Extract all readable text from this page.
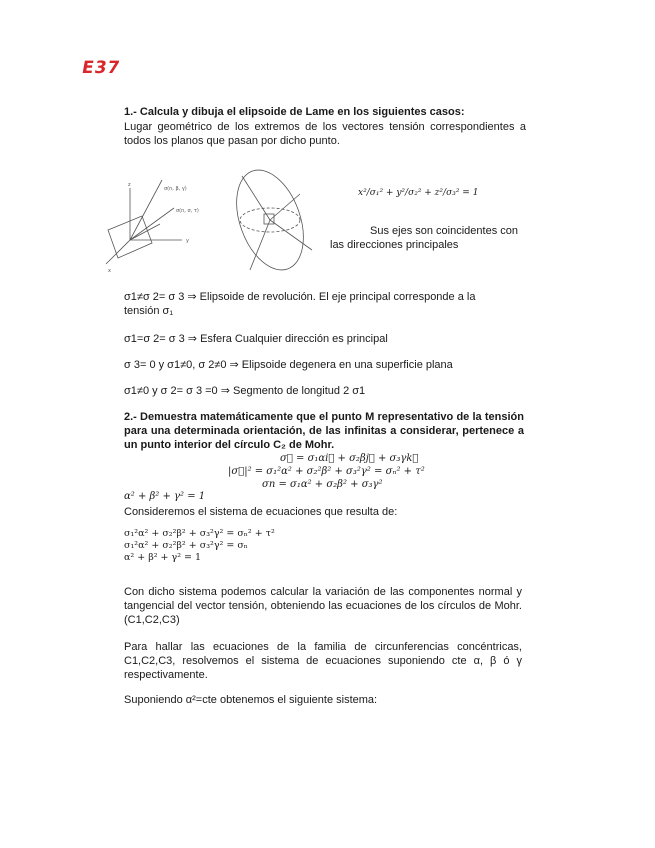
E37
1.- Calcula y dibuja el elipsoide de Lame en los siguientes casos:
Lugar geométrico de los extremos de los vectores tensión correspondientes a todos los planos que pasan por dicho punto.
σ(n, β, γ)
σ(n, σ, τ)
x
y
z
x²/σ₁² + y²/σ₂² + z²/σ₃² = 1
Sus ejes son coincidentes con las direcciones principales
σ1≠σ 2= σ 3 ⇒ Elipsoide de revolución. El eje principal corresponde a la tensión σ₁
σ1=σ 2= σ 3 ⇒ Esfera Cualquier dirección es principal
σ 3= 0 y σ1≠0, σ 2≠0 ⇒ Elipsoide degenera en una superficie plana
σ1≠0 y σ 2= σ 3 =0 ⇒ Segmento de longitud 2 σ1
2.- Demuestra matemáticamente que el punto M representativo de la tensión para una determinada orientación, de las infinitas a considerar, pertenece a un punto interior del círculo C₂ de Mohr.
σ⃗ = σ₁αi⃗ + σ₂βj⃗ + σ₃γk⃗
|σ⃗|² = σ₁²α² + σ₂²β² + σ₃²γ² = σₙ² + τ²
σn = σ₁α² + σ₂β² + σ₃γ²
α² + β² + γ² = 1
Consideremos el sistema de ecuaciones que resulta de:
σ₁²α² + σ₂²β² + σ₃²γ² = σₙ² + τ²
σ₁²α² + σ₂²β² + σ₃²γ² = σₙ
α² + β² + γ² = 1
Con dicho sistema podemos calcular la variación de las componentes normal y tangencial del vector tensión, obteniendo las ecuaciones de los círculos de Mohr. (C1,C2,C3)
Para hallar las ecuaciones de la familia de circunferencias concéntricas, C1,C2,C3, resolvemos el sistema de ecuaciones suponiendo cte α, β ó γ respectivamente.
Suponiendo α²=cte obtenemos el siguiente sistema:
